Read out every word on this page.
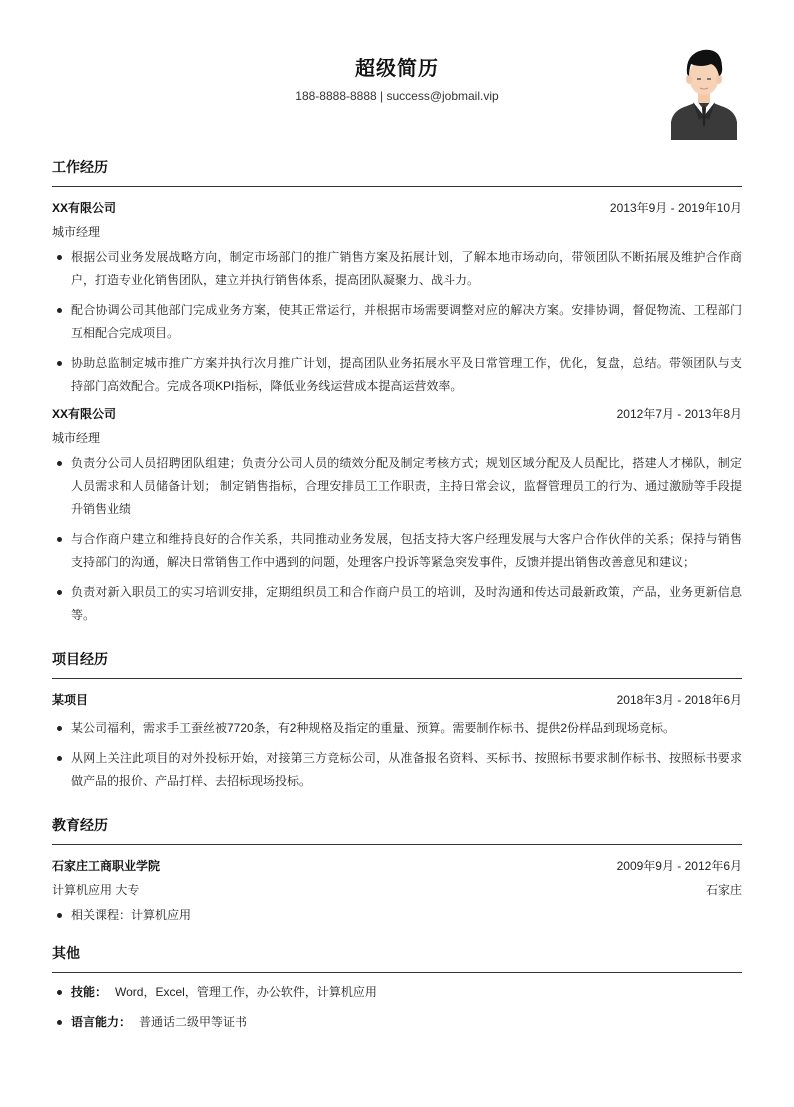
超级简历
188-8888-8888 | success@jobmail.vip
工作经历
XX有限公司	2013年9月 - 2019年10月
城市经理
根据公司业务发展战略方向，制定市场部门的推广销售方案及拓展计划，了解本地市场动向，带领团队不断拓展及维护合作商户，打造专业化销售团队，建立并执行销售体系，提高团队凝聚力、战斗力。
配合协调公司其他部门完成业务方案，使其正常运行，并根据市场需要调整对应的解决方案。安排协调，督促物流、工程部门互相配合完成项目。
协助总监制定城市推广方案并执行次月推广计划，提高团队业务拓展水平及日常管理工作，优化，复盘，总结。带领团队与支持部门高效配合。完成各项KPI指标，降低业务线运营成本提高运营效率。
XX有限公司	2012年7月 - 2013年8月
城市经理
负责分公司人员招聘团队组建；负责分公司人员的绩效分配及制定考核方式；规划区域分配及人员配比，搭建人才梯队，制定人员需求和人员储备计划； 制定销售指标，合理安排员工工作职责，主持日常会议，监督管理员工的行为、通过激励等手段提升销售业绩
与合作商户建立和维持良好的合作关系，共同推动业务发展，包括支持大客户经理发展与大客户合作伙伴的关系；保持与销售支持部门的沟通，解决日常销售工作中遇到的问题，处理客户投诉等紧急突发事件，反馈并提出销售改善意见和建议；
负责对新入职员工的实习培训安排，定期组织员工和合作商户员工的培训，及时沟通和传达司最新政策，产品，业务更新信息等。
项目经历
某项目	2018年3月 - 2018年6月
某公司福利，需求手工蚕丝被7720条，有2种规格及指定的重量、预算。需要制作标书、提供2份样品到现场竞标。
从网上关注此项目的对外投标开始，对接第三方竞标公司，从准备报名资料、买标书、按照标书要求制作标书、按照标书要求做产品的报价、产品打样、去招标现场投标。
教育经历
石家庄工商职业学院	2009年9月 - 2012年6月
计算机应用 大专	石家庄
相关课程：计算机应用
其他
技能： Word，Excel，管理工作，办公软件，计算机应用
语言能力： 普通话二级甲等证书
